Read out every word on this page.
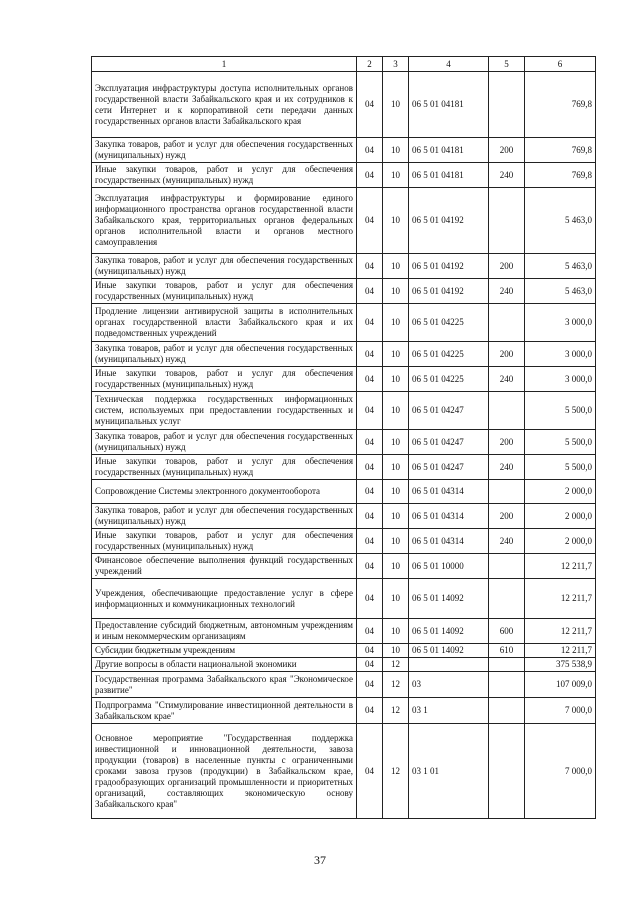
1	2	3	4	5	6
Эксплуатация инфраструктуры доступа исполнительных органов государственной власти Забайкальского края и их сотрудников к сети Интернет и к корпоративной сети передачи данных государственных органов власти Забайкальского края	04	10	06 5 01 04181		769,8
Закупка товаров, работ и услуг для обеспечения государственных (муниципальных) нужд	04	10	06 5 01 04181	200	769,8
Иные закупки товаров, работ и услуг для обеспечения государственных (муниципальных) нужд	04	10	06 5 01 04181	240	769,8
Эксплуатация инфраструктуры и формирование единого информационного пространства органов государственной власти Забайкальского края, территориальных органов федеральных органов исполнительной власти и органов местного самоуправления	04	10	06 5 01 04192		5 463,0
Закупка товаров, работ и услуг для обеспечения государственных (муниципальных) нужд	04	10	06 5 01 04192	200	5 463,0
Иные закупки товаров, работ и услуг для обеспечения государственных (муниципальных) нужд	04	10	06 5 01 04192	240	5 463,0
Продление лицензии антивирусной защиты в исполнительных органах государственной власти Забайкальского края и их подведомственных учреждений	04	10	06 5 01 04225		3 000,0
Закупка товаров, работ и услуг для обеспечения государственных (муниципальных) нужд	04	10	06 5 01 04225	200	3 000,0
Иные закупки товаров, работ и услуг для обеспечения государственных (муниципальных) нужд	04	10	06 5 01 04225	240	3 000,0
Техническая поддержка государственных информационных систем, используемых при предоставлении государственных и муниципальных услуг	04	10	06 5 01 04247		5 500,0
Закупка товаров, работ и услуг для обеспечения государственных (муниципальных) нужд	04	10	06 5 01 04247	200	5 500,0
Иные закупки товаров, работ и услуг для обеспечения государственных (муниципальных) нужд	04	10	06 5 01 04247	240	5 500,0
Сопровождение Системы электронного документооборота	04	10	06 5 01 04314		2 000,0
Закупка товаров, работ и услуг для обеспечения государственных (муниципальных) нужд	04	10	06 5 01 04314	200	2 000,0
Иные закупки товаров, работ и услуг для обеспечения государственных (муниципальных) нужд	04	10	06 5 01 04314	240	2 000,0
Финансовое обеспечение выполнения функций государственных учреждений	04	10	06 5 01 10000		12 211,7
Учреждения, обеспечивающие предоставление услуг в сфере информационных и коммуникационных технологий	04	10	06 5 01 14092		12 211,7
Предоставление субсидий бюджетным, автономным учреждениям и иным некоммерческим организациям	04	10	06 5 01 14092	600	12 211,7
Субсидии бюджетным учреждениям	04	10	06 5 01 14092	610	12 211,7
Другие вопросы в области национальной экономики	04	12			375 538,9
Государственная программа Забайкальского края "Экономическое развитие"	04	12	03		107 009,0
Подпрограмма "Стимулирование инвестиционной деятельности в Забайкальском крае"	04	12	03 1		7 000,0
Основное мероприятие "Государственная поддержка инвестиционной и инновационной деятельности, завоза продукции (товаров) в населенные пункты с ограниченными сроками завоза грузов (продукции) в Забайкальском крае, градообразующих организаций промышленности и приоритетных организаций, составляющих экономическую основу Забайкальского края"	04	12	03 1 01		7 000,0
37
